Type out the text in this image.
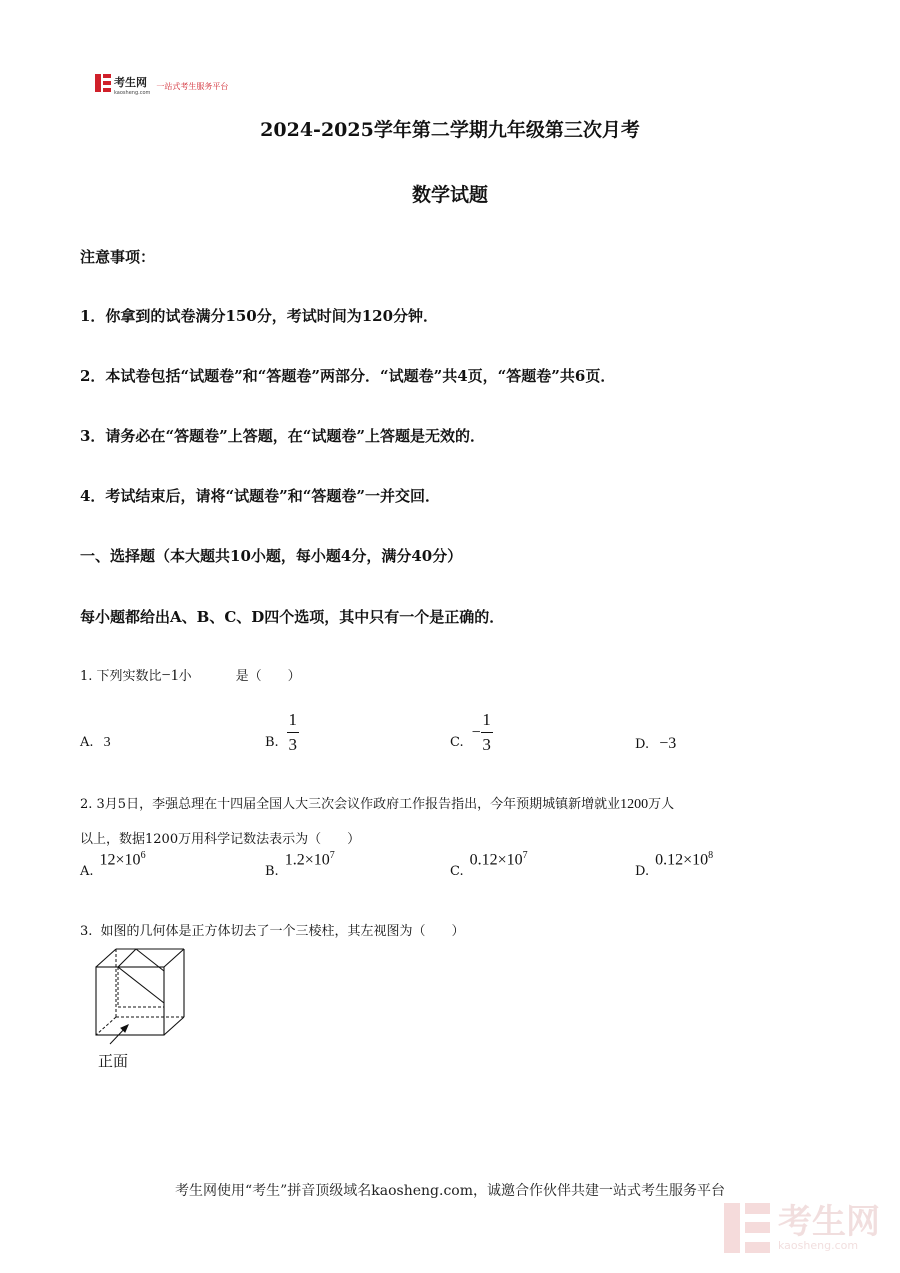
考生网
kaosheng.com
一站式考生服务平台
2024-2025学年第二学期九年级第三次月考
数学试题
注意事项：
1．你拿到的试卷满分150分，考试时间为120分钟．
2．本试卷包括“试题卷”和“答题卷”两部分．“试题卷”共4页，“答题卷”共6页．
3．请务必在“答题卷”上答题，在“试题卷”上答题是无效的．
4．考试结束后，请将“试题卷”和“答题卷”一并交回．
一、选择题（本大题共10小题，每小题4分，满分40分）
每小题都给出A、B、C、D四个选项，其中只有一个是正确的．
1. 下列实数比 −1 小	是（　　）
A. 3	B. $\frac{1}{3}$	C.
− $\frac{1}{3}$	D. −3
2. 3月5日，李强总理在十四届全国人大三次会议作政府工作报告指出，今年预期城镇新增就业1200万人
以上，数据1200万用科学记数法表示为（　　）
A.
$12\times 10^6$
B.
$1.2\times 10^7$
C.
$0.12\times 10^7$
D.
$0.12\times 10^8$
3. 如图的几何体是正方体切去了一个三棱柱，其左视图为（　　）
正面
考生网使用“考生”拼音顶级域名kaosheng.com，诚邀合作伙伴共建一站式考生服务平台
考生网
kaosheng.com
